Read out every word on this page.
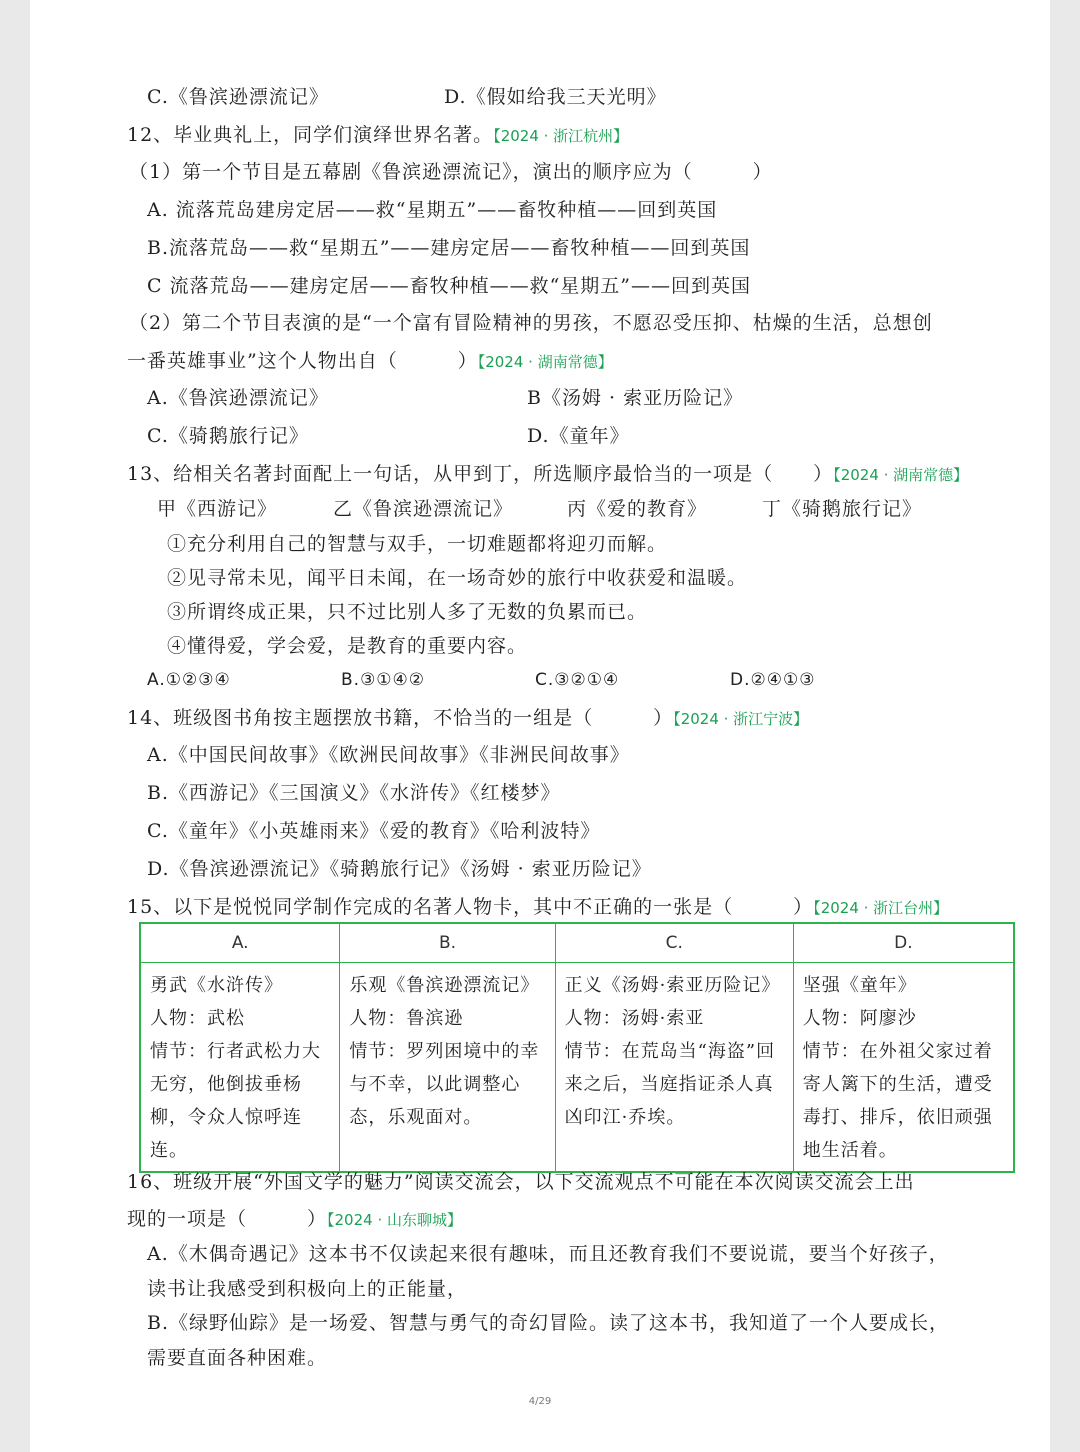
C.《鲁滨逊漂流记》	D.《假如给我三天光明》
12、毕业典礼上，同学们演绎世界名著。【2024 · 浙江杭州】
（1）第一个节目是五幕剧《鲁滨逊漂流记》，演出的顺序应为（　　　）
A. 流落荒岛建房定居——救“星期五”——畜牧种植——回到英国
B.流落荒岛——救“星期五”——建房定居——畜牧种植——回到英国
C 流落荒岛——建房定居——畜牧种植——救“星期五”——回到英国
（2）第二个节目表演的是“一个富有冒险精神的男孩，不愿忍受压抑、枯燥的生活，总想创
一番英雄事业”这个人物出自（　　　）【2024 · 湖南常德】
A.《鲁滨逊漂流记》	B《汤姆 · 索亚历险记》
C.《骑鹅旅行记》	D.《童年》
13、给相关名著封面配上一句话，从甲到丁，所选顺序最恰当的一项是（　　）【2024 · 湖南常德】
甲《西游记》	乙《鲁滨逊漂流记》	丙《爱的教育》	丁《骑鹅旅行记》
①充分利用自己的智慧与双手，一切难题都将迎刃而解。
②见寻常未见，闻平日未闻，在一场奇妙的旅行中收获爱和温暖。
③所谓终成正果，只不过比别人多了无数的负累而已。
④懂得爱，学会爱，是教育的重要内容。
A.①②③④	B.③①④②	C.③②①④	D.②④①③
14、班级图书角按主题摆放书籍，不恰当的一组是（　　　）【2024 · 浙江宁波】
A.《中国民间故事》《欧洲民间故事》《非洲民间故事》
B.《西游记》《三国演义》《水浒传》《红楼梦》
C.《童年》《小英雄雨来》《爱的教育》《哈利波特》
D.《鲁滨逊漂流记》《骑鹅旅行记》《汤姆 · 索亚历险记》
15、以下是悦悦同学制作完成的名著人物卡，其中不正确的一张是（　　　）【2024 · 浙江台州】
A.	B.	C.	D.

勇武《水浒传》
人物：武松
情节：行者武松力大无穷，他倒拔垂杨柳，令众人惊呼连连。	乐观《鲁滨逊漂流记》
人物：鲁滨逊
情节：罗列困境中的幸与不幸，以此调整心态，乐观面对。	正义《汤姆·索亚历险记》
人物：汤姆·索亚
情节：在荒岛当“海盗”回来之后，当庭指证杀人真凶印江·乔埃。	坚强《童年》
人物：阿廖沙
情节：在外祖父家过着寄人篱下的生活，遭受毒打、排斥，依旧顽强地生活着。
16、班级开展“外国文学的魅力”阅读交流会，以下交流观点不可能在本次阅读交流会上出
现的一项是（　　　）【2024 · 山东聊城】
A.《木偶奇遇记》这本书不仅读起来很有趣味，而且还教育我们不要说谎，要当个好孩子，
读书让我感受到积极向上的正能量，
B.《绿野仙踪》是一场爱、智慧与勇气的奇幻冒险。读了这本书，我知道了一个人要成长，
需要直面各种困难。
4/29
